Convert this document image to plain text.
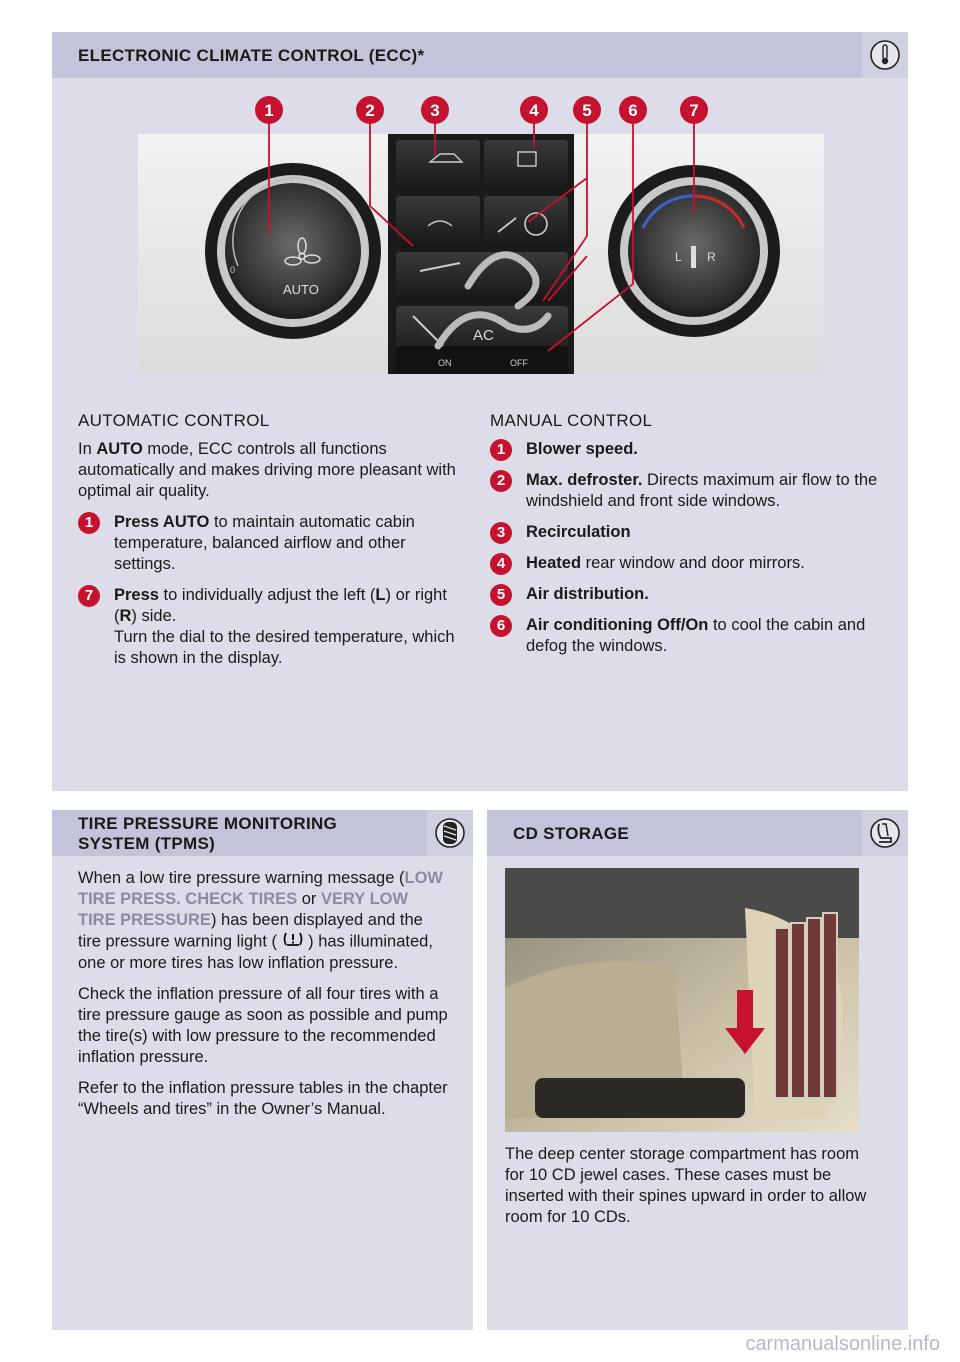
ELECTRONIC CLIMATE CONTROL (ECC)*
AUTO
0
AC
ON	OFF
L R
1	2	3	4	5 6	7
AUTOMATIC CONTROL

In AUTO mode, ECC controls all functions automatically and makes driving more pleasant with optimal air quality.

1	Press AUTO to maintain automatic cabin temperature, balanced airflow and other settings.
7	Press to individually adjust the left (L) or right (R) side.
Turn the dial to the desired temperature, which is shown in the display.
MANUAL CONTROL
1	Blower speed.
2	Max. defroster. Directs maximum air flow to the windshield and front side windows.
3	Recirculation
4	Heated rear window and door mirrors.
5	Air distribution.
6	Air conditioning Off/On to cool the cabin and defog the windows.
TIRE PRESSURE MONITORING
SYSTEM (TPMS)

When a low tire pressure warning message (LOW TIRE PRESS. CHECK TIRES or VERY LOW TIRE PRESSURE) has been displayed and the tire pressure warning light (  ) has illuminated, one or more tires has low inflation pressure.

Check the inflation pressure of all four tires with a tire pressure gauge as soon as possible and pump the tire(s) with low pressure to the recommended inflation pressure.

Refer to the inflation pressure tables in the chapter “Wheels and tires” in the Owner’s Manual.

CD STORAGE

The deep center storage compartment has room for 10 CD jewel cases. These cases must be inserted with their spines upward in order to allow room for 10 CDs.

carmanualsonline.info
